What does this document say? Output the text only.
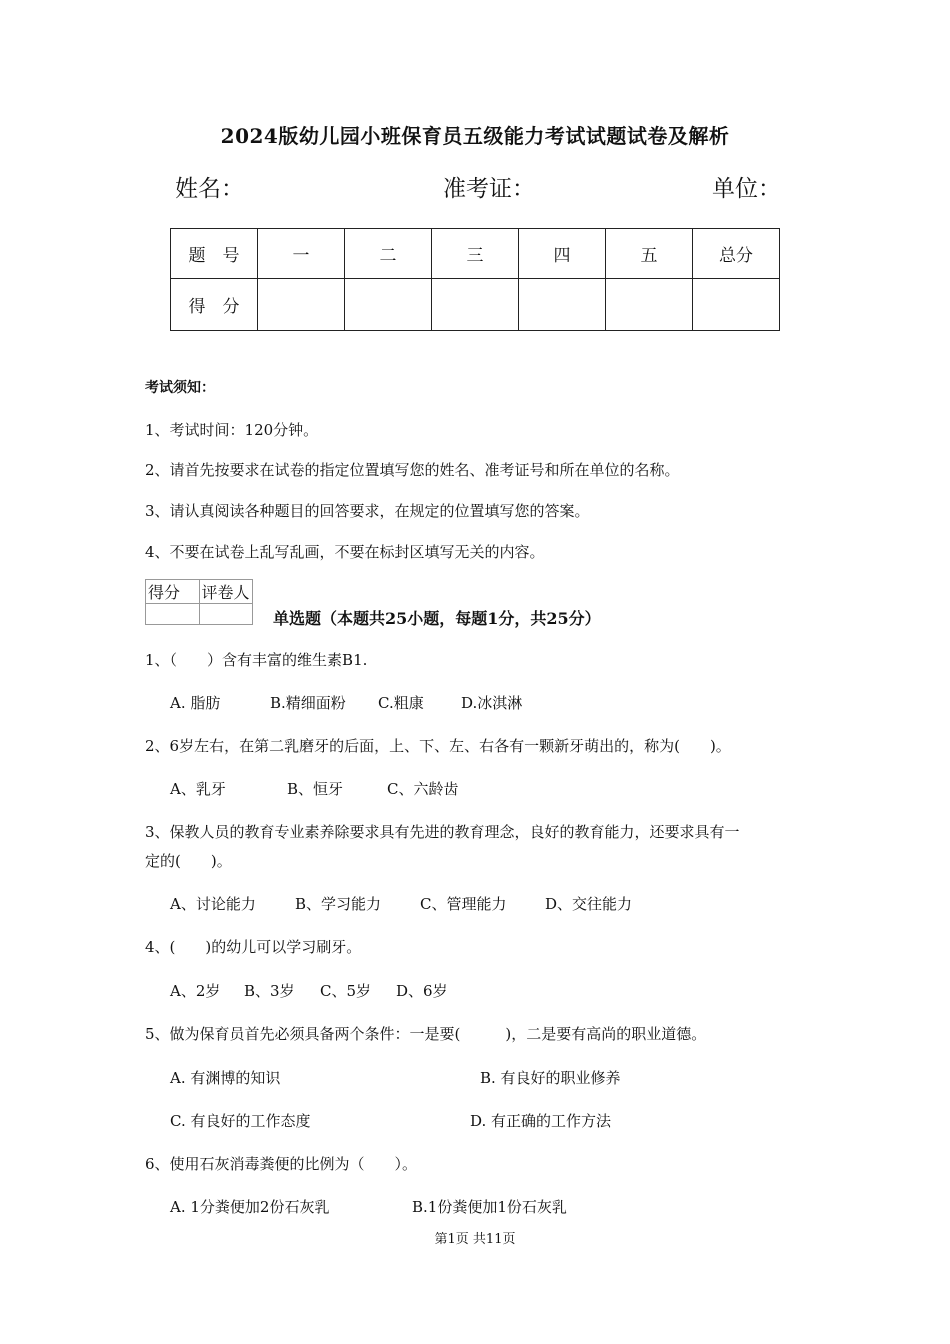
2024版幼儿园小班保育员五级能力考试试题试卷及解析
姓名：	准考证：	单位：
题　号	一	二	三	四	五	总分
得　分						
考试须知：
1、考试时间：120分钟。
2、请首先按要求在试卷的指定位置填写您的姓名、准考证号和所在单位的名称。
3、请认真阅读各种题目的回答要求，在规定的位置填写您的答案。
4、不要在试卷上乱写乱画，不要在标封区填写无关的内容。
得分	评卷人

单选题（本题共25小题，每题1分，共25分）
1、（　　）含有丰富的维生素B1.
A. 脂肪	B.精细面粉 C.粗康 D.冰淇淋
2、6岁左右，在第二乳磨牙的后面，上、下、左、右各有一颗新牙萌出的，称为(　　)。
A、乳牙	B、恒牙	C、六龄齿
3、保教人员的教育专业素养除要求具有先进的教育理念，良好的教育能力，还要求具有一
定的(　　)。
A、讨论能力	B、学习能力	C、管理能力	D、交往能力
4、(　　)的幼儿可以学习刷牙。
A、2岁 B、3岁 C、5岁 D、6岁
5、做为保育员首先必须具备两个条件：一是要(　　　)，二是要有高尚的职业道德。
A. 有渊博的知识	B. 有良好的职业修养
C. 有良好的工作态度	D. 有正确的工作方法
6、使用石灰消毒粪便的比例为（　　）。
A. 1分粪便加2份石灰乳	B.1份粪便加1份石灰乳
第1页 共11页
